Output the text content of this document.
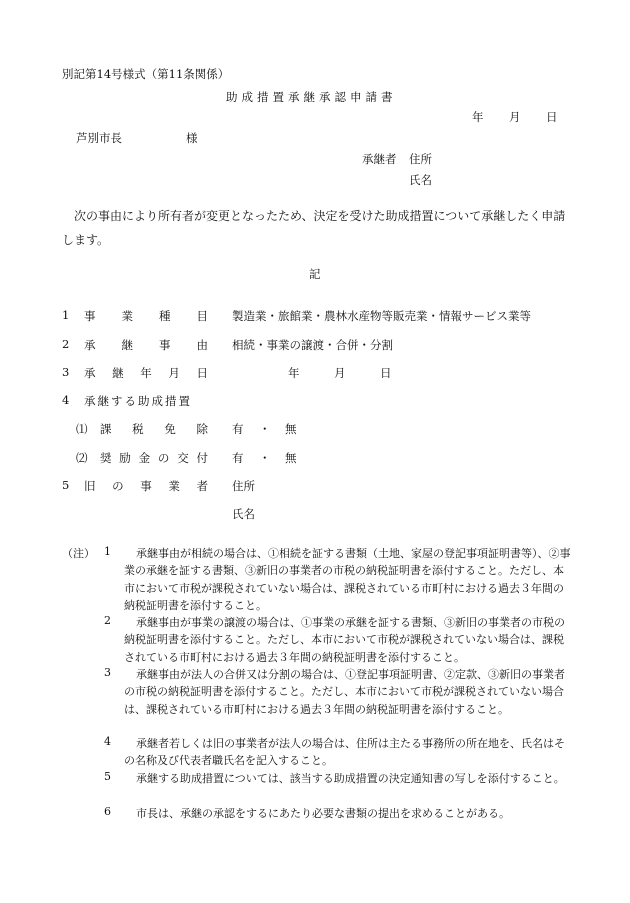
別記第14号様式（第11条関係）
助成措置承継承認申請書
年 月 日
芦別市長	様
承継者 住所
氏名
次の事由により所有者が変更となったため、決定を受けた助成措置について承継したく申請します。
記
1 事 業 種 目 製造業・旅館業・農林水産物等販売業・情報サービス業等
2 承 継 事 由 相続・事業の譲渡・合併・分割
3 承 継 年 月 日	年　　　月　　　日
4 承継する助成措置
⑴ 課 税 免 除 有 ・ 無
⑵ 奨 励 金 の 交 付 有 ・ 無
5 旧 の 事 業 者 住所
氏名
（注） 1	承継事由が相続の場合は、①相続を証する書類（土地、家屋の登記事項証明書等）、②事業の承継を証する書類、③新旧の事業者の市税の納税証明書を添付すること。ただし、本市において市税が課税されていない場合は、課税されている市町村における過去３年間の納税証明書を添付すること。
2	承継事由が事業の譲渡の場合は、①事業の承継を証する書類、③新旧の事業者の市税の納税証明書を添付すること。ただし、本市において市税が課税されていない場合は、課税されている市町村における過去３年間の納税証明書を添付すること。
3	承継事由が法人の合併又は分割の場合は、①登記事項証明書、②定款、③新旧の事業者の市税の納税証明書を添付すること。ただし、本市において市税が課税されていない場合は、課税されている市町村における過去３年間の納税証明書を添付すること。
4	承継者若しくは旧の事業者が法人の場合は、住所は主たる事務所の所在地を、氏名はその名称及び代表者職氏名を記入すること。
5	承継する助成措置については、該当する助成措置の決定通知書の写しを添付すること。
6	市長は、承継の承認をするにあたり必要な書類の提出を求めることがある。
